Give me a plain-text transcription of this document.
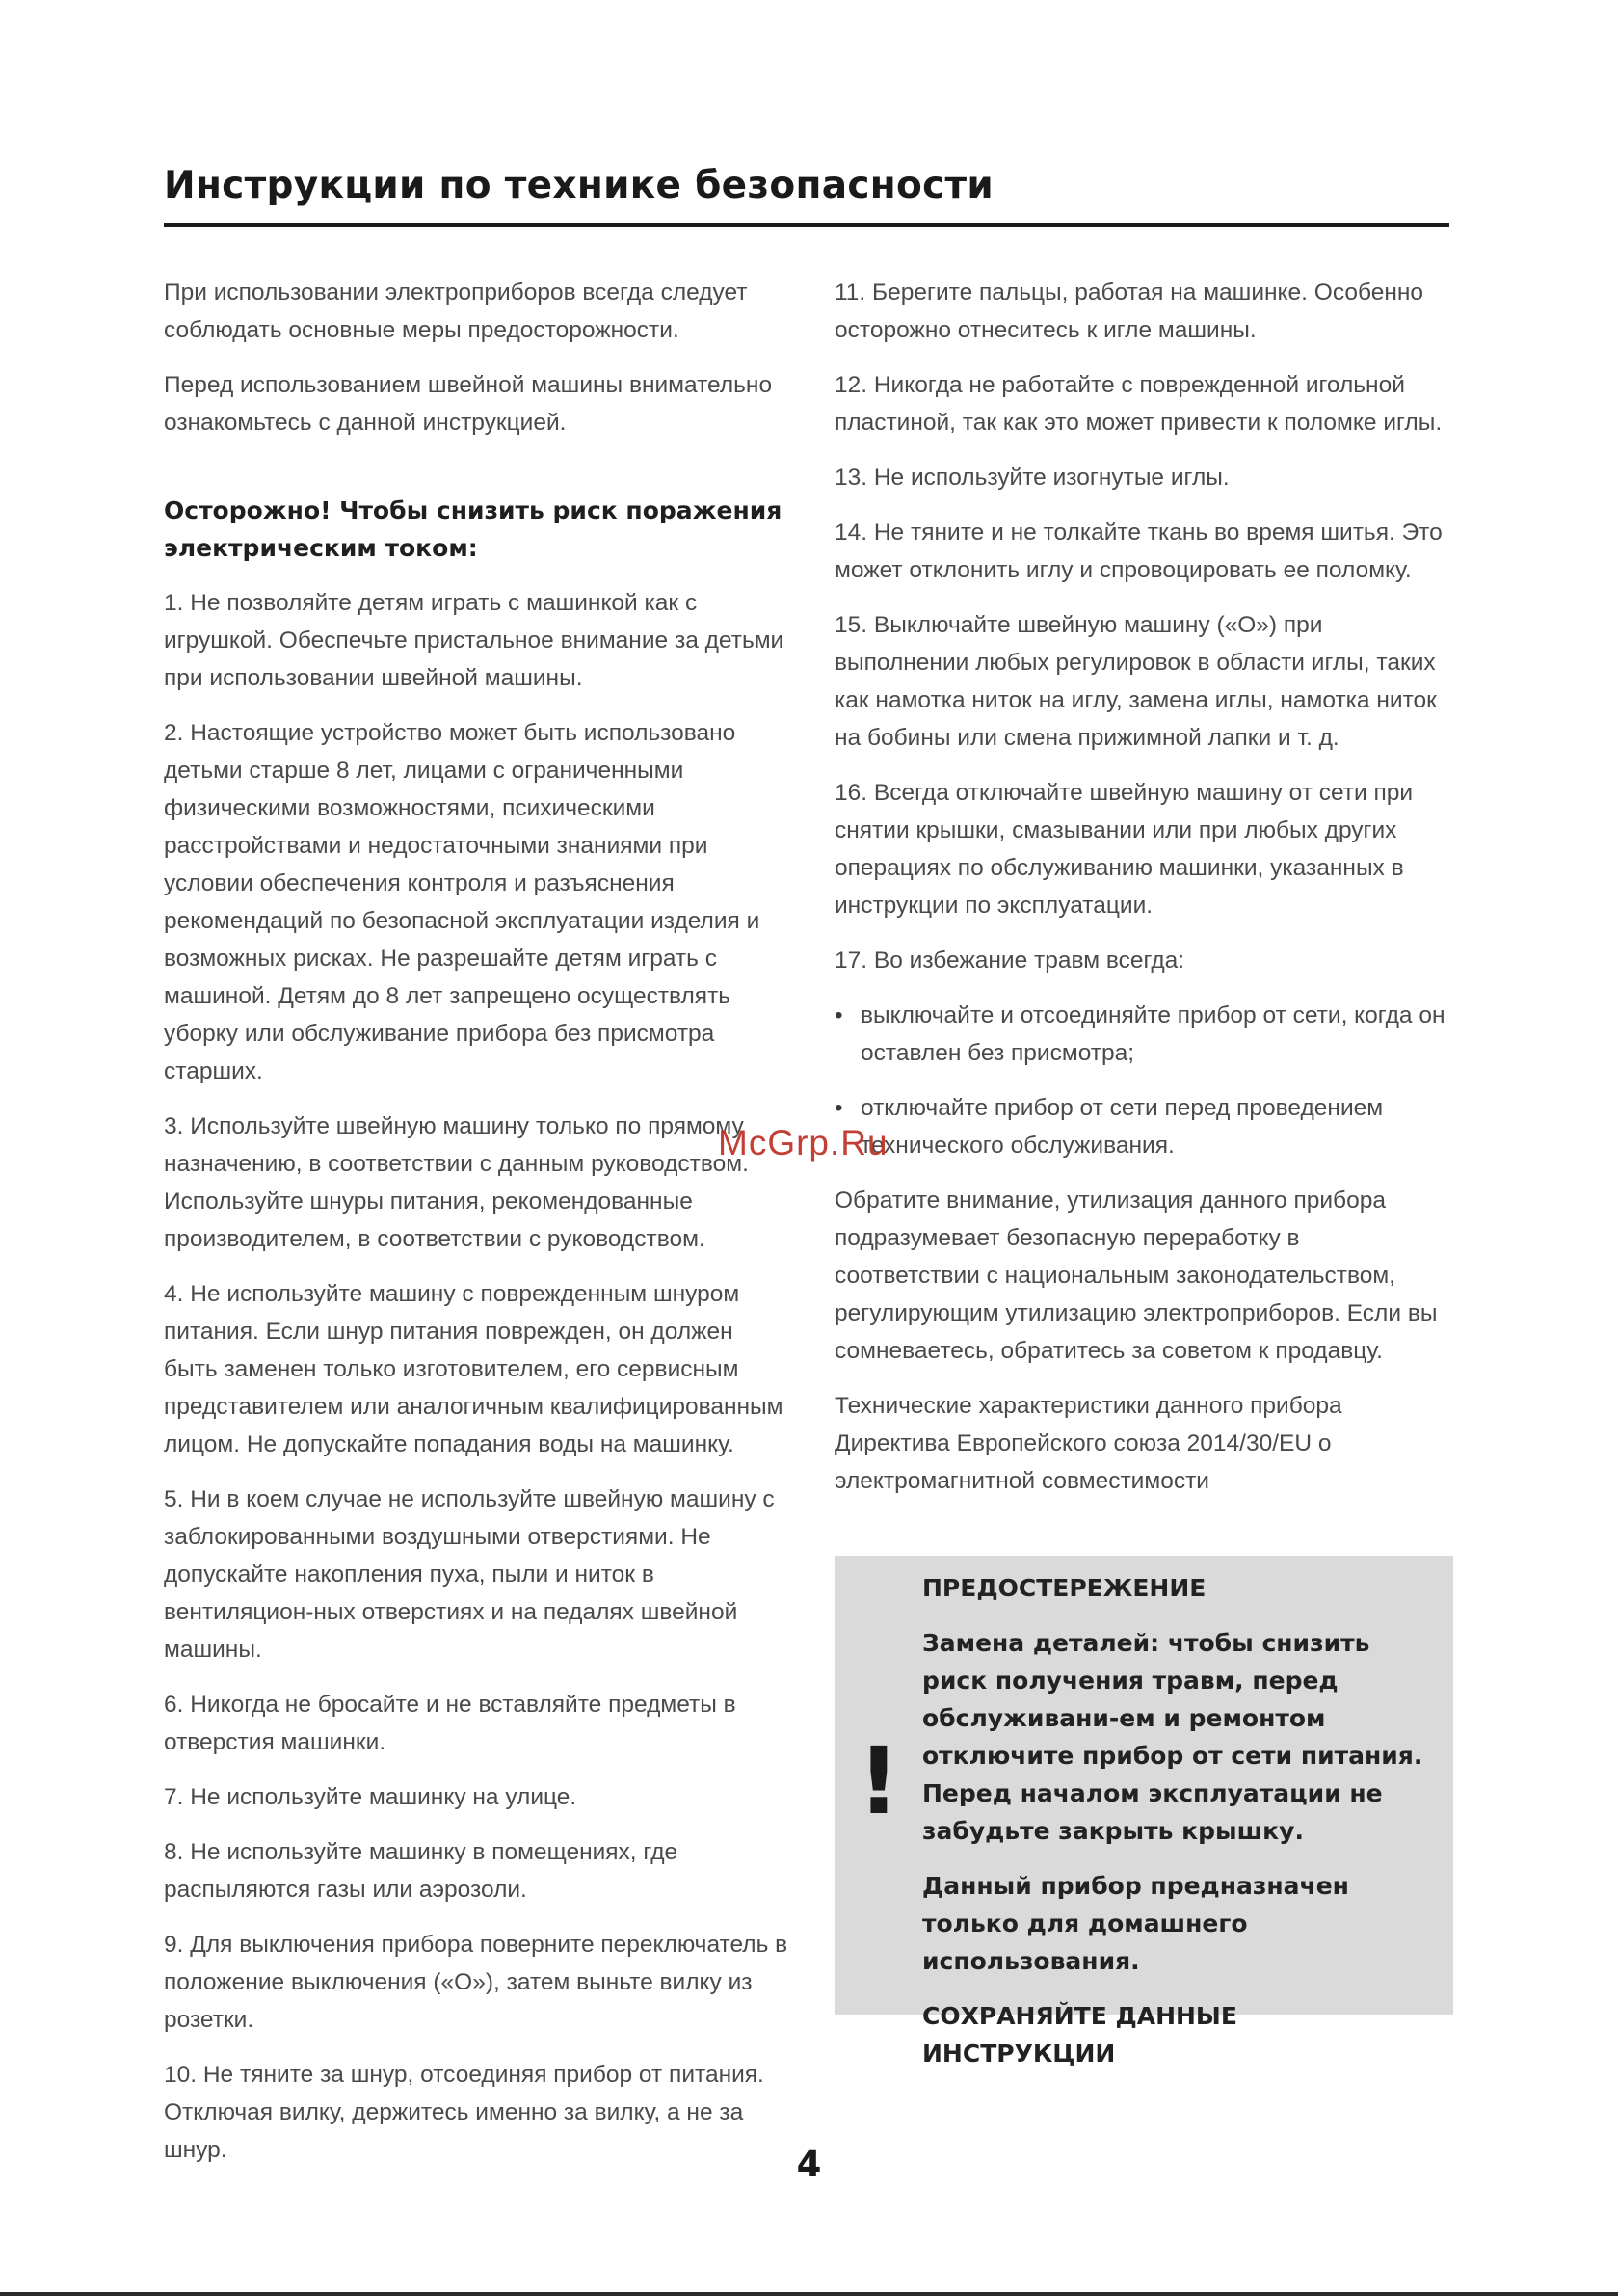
Инструкции по технике безопасности

При использовании электроприборов всегда следует соблюдать основные меры предосторожности.

Перед использованием швейной машины внимательно ознакомьтесь с данной инструкцией.

Осторожно! Чтобы снизить риск поражения электрическим током:

1. Не позволяйте детям играть с машинкой как с игрушкой. Обеспечьте пристальное внимание за детьми при использовании швейной машины.

2. Настоящие устройство может быть использовано детьми старше 8 лет, лицами с ограниченными физическими возможностями, психическими расстройствами и недостаточными знаниями при условии обеспечения контроля и разъяснения рекомендаций по безопасной эксплуатации изделия и возможных рисках. Не разрешайте детям играть с машиной. Детям до 8 лет запрещено осуществлять уборку или обслуживание прибора без присмотра старших.

3. Используйте швейную машину только по прямому назначению, в соответствии с данным руководством. Используйте шнуры питания, рекомендованные производителем, в соответствии с руководством.

4. Не используйте машину с поврежденным шнуром питания. Если шнур питания поврежден, он должен быть заменен только изготовителем, его сервисным представителем или аналогичным квалифицированным лицом. Не допускайте попадания воды на машинку.

5. Ни в коем случае не используйте швейную машину с заблокированными воздушными отверстиями. Не допускайте накопления пуха, пыли и ниток в вентиляцион-ных отверстиях и на педалях швейной машины.

6. Никогда не бросайте и не вставляйте предметы в отверстия машинки.

7. Не используйте машинку на улице.

8. Не используйте машинку в помещениях, где распыляются газы или аэрозоли.

9. Для выключения прибора поверните переключатель в положение выключения («О»), затем выньте вилку из розетки.

10. Не тяните за шнур, отсоединяя прибор от питания. Отключая вилку, держитесь именно за вилку, а не за шнур.

11. Берегите пальцы, работая на машинке. Особенно осторожно отнеситесь к игле машины.

12. Никогда не работайте с поврежденной игольной пластиной, так как это может привести к поломке иглы.

13. Не используйте изогнутые иглы.

14. Не тяните и не толкайте ткань во время шитья. Это может отклонить иглу и спровоцировать ее поломку.

15. Выключайте швейную машину («О») при выполнении любых регулировок в области иглы, таких как намотка ниток на иглу, замена иглы, намотка ниток на бобины или смена прижимной лапки и т. д.

16. Всегда отключайте швейную машину от сети при снятии крышки, смазывании или при любых других операциях по обслуживанию машинки, указанных в инструкции по эксплуатации.

17. Во избежание травм всегда:

• выключайте и отсоединяйте прибор от сети, когда он оставлен без присмотра;

• отключайте прибор от сети перед проведением технического обслуживания.

Обратите внимание, утилизация данного прибора подразумевает безопасную переработку в соответствии с национальным законодательством, регулирующим утилизацию электроприборов. Если вы сомневаетесь, обратитесь за советом к продавцу.

Технические характеристики данного прибора Директива Европейского союза 2014/30/EU о электромагнитной совместимости

!

ПРЕДОСТЕРЕЖЕНИЕ

Замена деталей: чтобы снизить риск получения травм, перед обслуживани-ем и ремонтом отключите прибор от сети питания. Перед началом эксплуатации не забудьте закрыть крышку.

Данный прибор предназначен только для домашнего использования.

СОХРАНЯЙТЕ ДАННЫЕ ИНСТРУКЦИИ

McGrp.Ru
4
